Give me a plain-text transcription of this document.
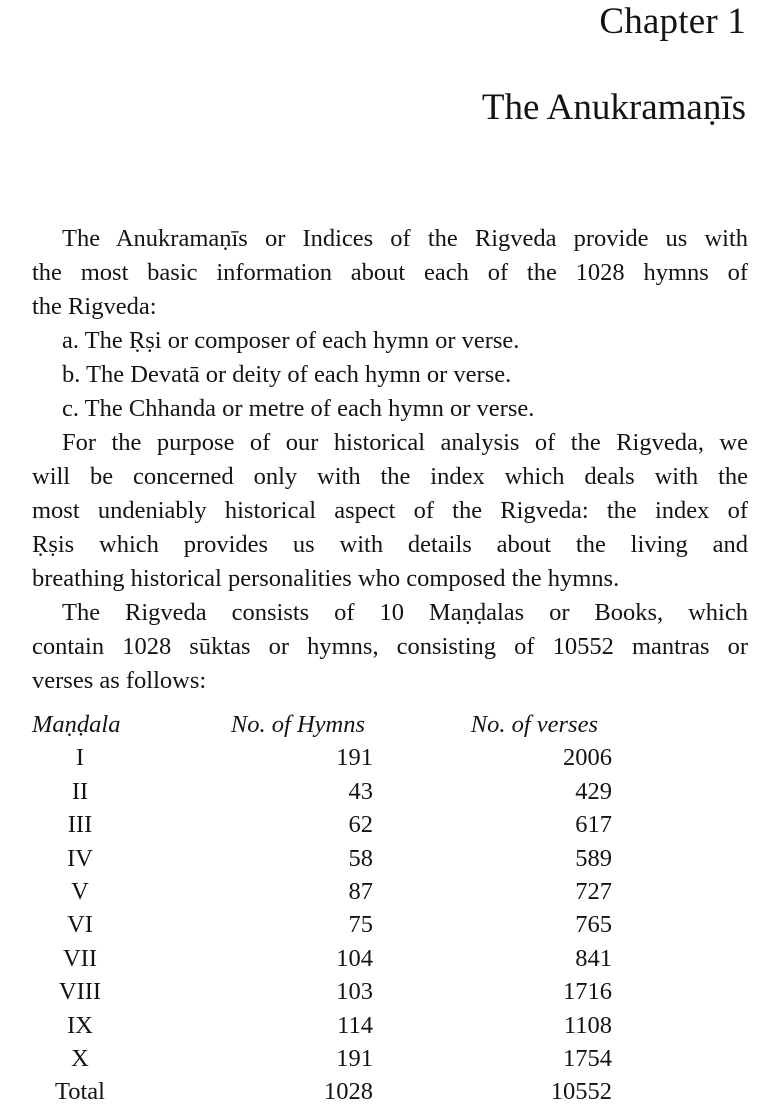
Chapter 1
The Anukramaṇīs

The Anukramaṇīs or Indices of the Rigveda provide us with
the most basic information about each of the 1028 hymns of
the Rigveda:

a. The Ṛṣi or composer of each hymn or verse.
b. The Devatā or deity of each hymn or verse.
c. The Chhanda or metre of each hymn or verse.

For the purpose of our historical analysis of the Rigveda, we
will be concerned only with the index which deals with the
most undeniably historical aspect of the Rigveda: the index of
Ṛṣis which provides us with details about the living and
breathing historical personalities who composed the hymns.

The Rigveda consists of 10 Maṇḍalas or Books, which
contain 1028 sūktas or hymns, consisting of 10552 mantras or
verses as follows:

Maṇḍala	No. of Hymns	No. of verses
I	191	2006
II	43	429
III	62	617
IV	58	589
V	87	727
VI	75	765
VII	104	841
VIII	103	1716
IX	114	1108
X	191	1754
Total	1028	10552
